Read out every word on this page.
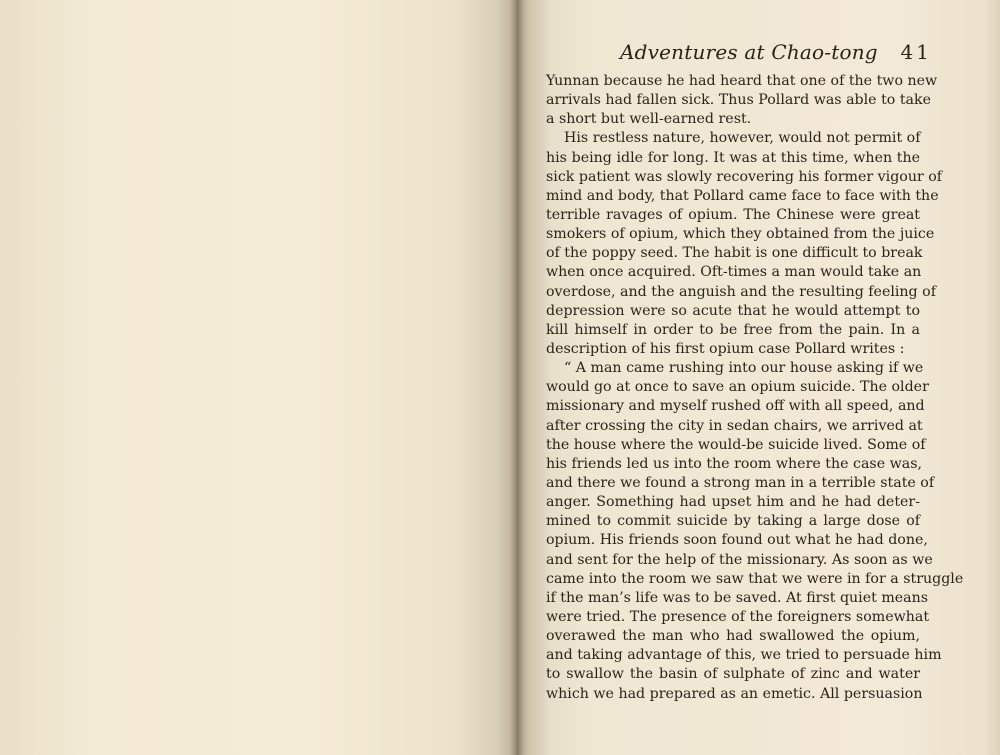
Adventures at Chao-tong 41
Yunnan because he had heard that one of the two new
arrivals had fallen sick. Thus Pollard was able to take
a short but well-earned rest.
His restless nature, however, would not permit of
his being idle for long. It was at this time, when the
sick patient was slowly recovering his former vigour of
mind and body, that Pollard came face to face with the
terrible ravages of opium. The Chinese were great
smokers of opium, which they obtained from the juice
of the poppy seed. The habit is one difficult to break
when once acquired. Oft-times a man would take an
overdose, and the anguish and the resulting feeling of
depression were so acute that he would attempt to
kill himself in order to be free from the pain. In a
description of his first opium case Pollard writes :
“ A man came rushing into our house asking if we
would go at once to save an opium suicide. The older
missionary and myself rushed off with all speed, and
after crossing the city in sedan chairs, we arrived at
the house where the would-be suicide lived. Some of
his friends led us into the room where the case was,
and there we found a strong man in a terrible state of
anger. Something had upset him and he had deter-
mined to commit suicide by taking a large dose of
opium. His friends soon found out what he had done,
and sent for the help of the missionary. As soon as we
came into the room we saw that we were in for a struggle
if the man’s life was to be saved. At first quiet means
were tried. The presence of the foreigners somewhat
overawed the man who had swallowed the opium,
and taking advantage of this, we tried to persuade him
to swallow the basin of sulphate of zinc and water
which we had prepared as an emetic. All persuasion
